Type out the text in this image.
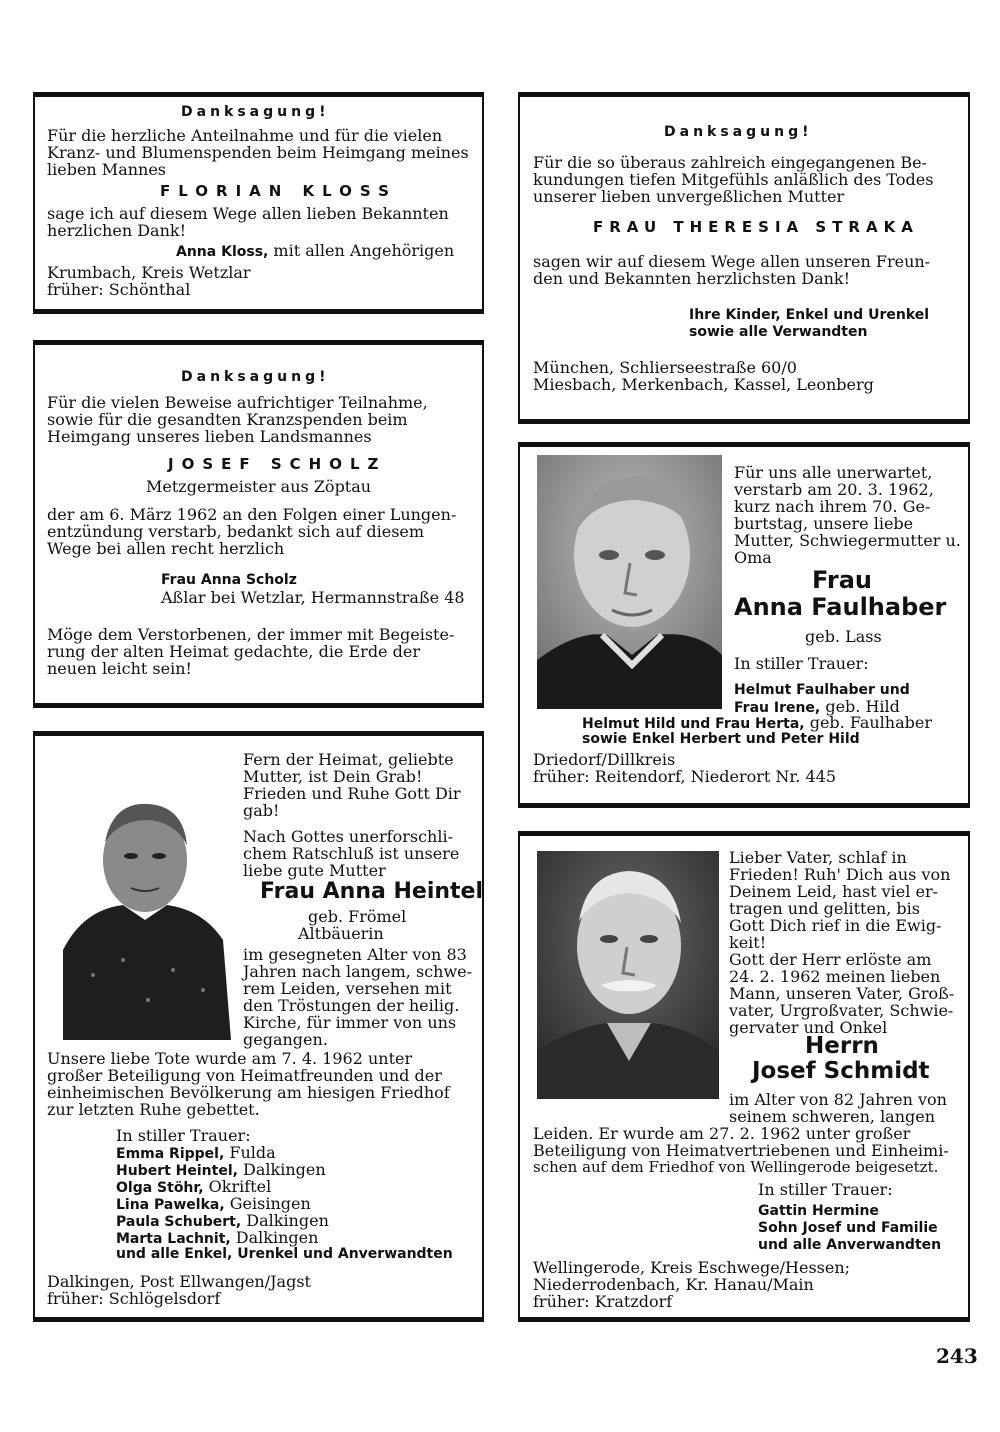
Danksagung!
Für die herzliche Anteilnahme und für die vielen
Kranz- und Blumenspenden beim Heimgang meines
lieben Mannes
FLORIAN KLOSS
sage ich auf diesem Wege allen lieben Bekannten
herzlichen Dank!
Anna Kloss, mit allen Angehörigen
Krumbach, Kreis Wetzlar
früher: Schönthal
Danksagung!
Für die so überaus zahlreich eingegangenen Be-
kundungen tiefen Mitgefühls anläßlich des Todes
unserer lieben unvergeßlichen Mutter
FRAU THERESIA STRAKA
sagen wir auf diesem Wege allen unseren Freun-
den und Bekannten herzlichsten Dank!
Ihre Kinder, Enkel und Urenkel
sowie alle Verwandten
München, Schlierseestraße 60/0
Miesbach, Merkenbach, Kassel, Leonberg
Danksagung!
Für die vielen Beweise aufrichtiger Teilnahme,
sowie für die gesandten Kranzspenden beim
Heimgang unseres lieben Landsmannes
JOSEF SCHOLZ
Metzgermeister aus Zöptau
der am 6. März 1962 an den Folgen einer Lungen-
entzündung verstarb, bedankt sich auf diesem
Wege bei allen recht herzlich
Frau Anna Scholz
Aßlar bei Wetzlar, Hermannstraße 48
Möge dem Verstorbenen, der immer mit Begeiste-
rung der alten Heimat gedachte, die Erde der
neuen leicht sein!
Für uns alle unerwartet,
verstarb am 20. 3. 1962,
kurz nach ihrem 70. Ge-
burtstag, unsere liebe
Mutter, Schwiegermutter u.
Oma
Frau
Anna Faulhaber
geb. Lass
In stiller Trauer:
Helmut Faulhaber und
Frau Irene, geb. Hild
Helmut Hild und Frau Herta, geb. Faulhaber
sowie Enkel Herbert und Peter Hild
Driedorf/Dillkreis
früher: Reitendorf, Niederort Nr. 445
Fern der Heimat, geliebte
Mutter, ist Dein Grab!
Frieden und Ruhe Gott Dir
gab!
Nach Gottes unerforschli-
chem Ratschluß ist unsere
liebe gute Mutter
Frau Anna Heintel
geb. Frömel
Altbäuerin
im gesegneten Alter von 83
Jahren nach langem, schwe-
rem Leiden, versehen mit
den Tröstungen der heilig.
Kirche, für immer von uns
gegangen.
Unsere liebe Tote wurde am 7. 4. 1962 unter
großer Beteiligung von Heimatfreunden und der
einheimischen Bevölkerung am hiesigen Friedhof
zur letzten Ruhe gebettet.
In stiller Trauer:
Emma Rippel, Fulda
Hubert Heintel, Dalkingen
Olga Stöhr, Okriftel
Lina Pawelka, Geisingen
Paula Schubert, Dalkingen
Marta Lachnit, Dalkingen
und alle Enkel, Urenkel und Anverwandten
Dalkingen, Post Ellwangen/Jagst
früher: Schlögelsdorf
Lieber Vater, schlaf in
Frieden! Ruh' Dich aus von
Deinem Leid, hast viel er-
tragen und gelitten, bis
Gott Dich rief in die Ewig-
keit!
Gott der Herr erlöste am
24. 2. 1962 meinen lieben
Mann, unseren Vater, Groß-
vater, Urgroßvater, Schwie-
gervater und Onkel
Herrn
Josef Schmidt
im Alter von 82 Jahren von
seinem schweren, langen
Leiden. Er wurde am 27. 2. 1962 unter großer
Beteiligung von Heimatvertriebenen und Einheimi-
schen auf dem Friedhof von Wellingerode beigesetzt.
In stiller Trauer:
Gattin Hermine
Sohn Josef und Familie
und alle Anverwandten
Wellingerode, Kreis Eschwege/Hessen;
Niederrodenbach, Kr. Hanau/Main
früher: Kratzdorf
243
